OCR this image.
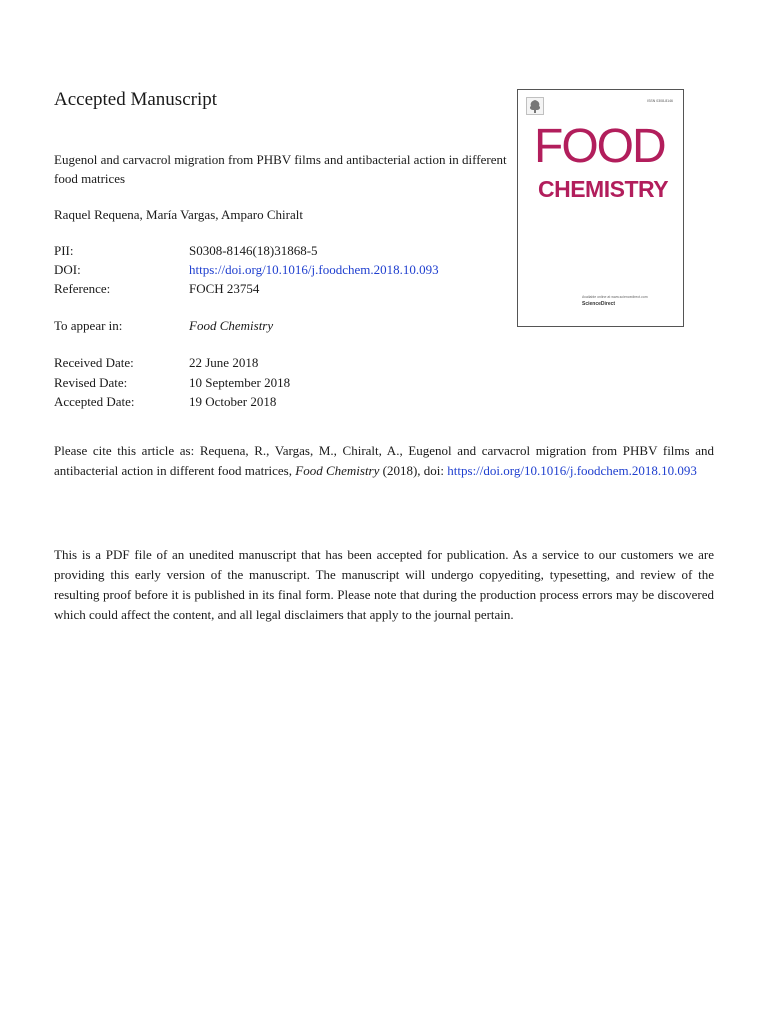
Accepted Manuscript
Eugenol and carvacrol migration from PHBV films and antibacterial action in different food matrices
Raquel Requena, María Vargas, Amparo Chiralt
PII:	S0308-8146(18)31868-5
DOI:	https://doi.org/10.1016/j.foodchem.2018.10.093
Reference:	FOCH 23754
To appear in:	Food Chemistry
Received Date:	22 June 2018
Revised Date:	10 September 2018
Accepted Date:	19 October 2018
Please cite this article as: Requena, R., Vargas, M., Chiralt, A., Eugenol and carvacrol migration from PHBV films and antibacterial action in different food matrices, Food Chemistry (2018), doi: https://doi.org/10.1016/j.foodchem.2018.10.093
This is a PDF file of an unedited manuscript that has been accepted for publication. As a service to our customers we are providing this early version of the manuscript. The manuscript will undergo copyediting, typesetting, and review of the resulting proof before it is published in its final form. Please note that during the production process errors may be discovered which could affect the content, and all legal disclaimers that apply to the journal pertain.
ISSN 0308-8146
FOOD
CHEMISTRY
Available online at www.sciencedirect.com
ScienceDirect
